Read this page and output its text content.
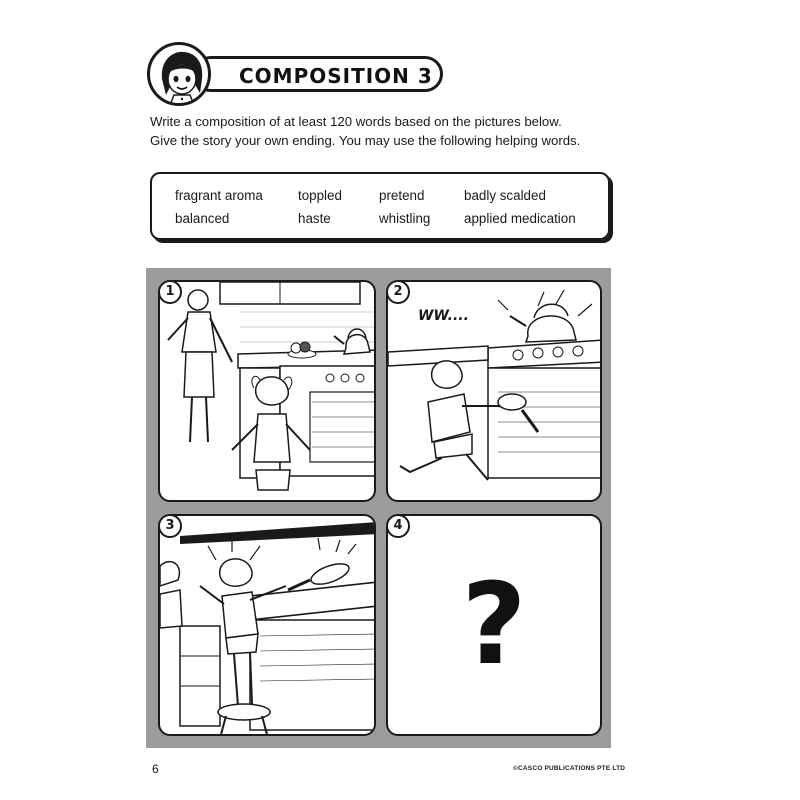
COMPOSITION 3
Write a composition of at least 120 words based on the pictures below.
Give the story your own ending. You may use the following helping words.
fragrant aroma	toppled	pretend	badly scalded
balanced	haste	whistling	applied medication
1
WW....
2
3
?
4
6	©CASCO PUBLICATIONS PTE LTD
